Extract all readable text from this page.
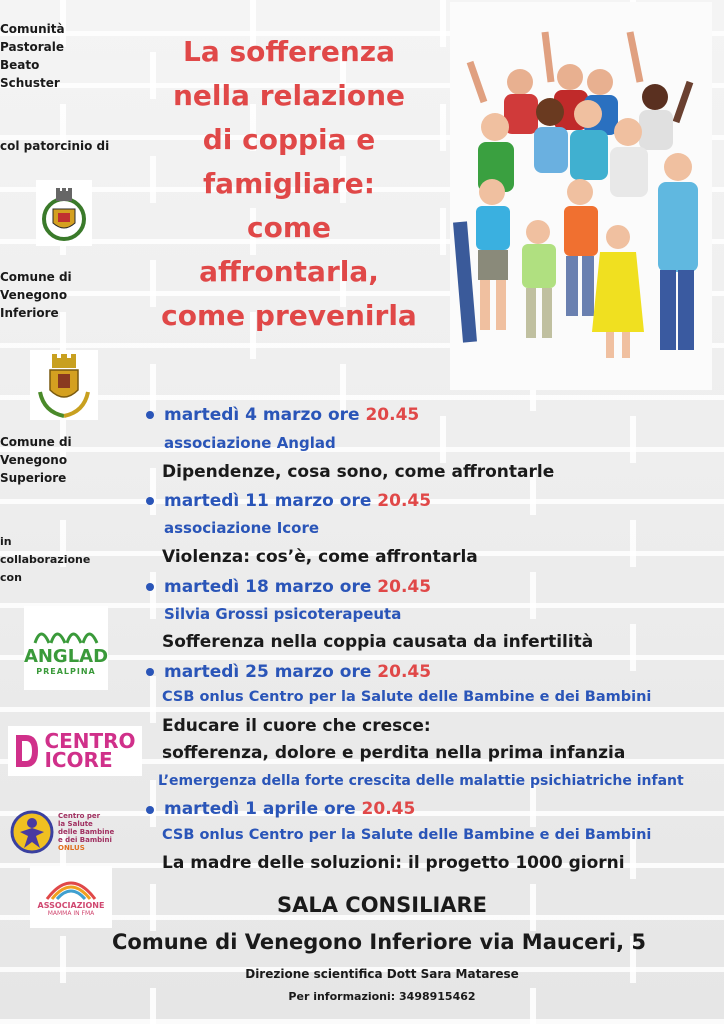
Comunità
Pastorale
Beato
Schuster
col patorcinio di
Comune di
Venegono
Inferiore
Comune di
Venegono
Superiore
in
collaborazione
con
ANGLAD
PREALPINA
CENTRO
ICORE
Centro per
la Salute
delle Bambine
e dei Bambini
ONLUS
ASSOCIAZIONE
MAMMA IN FMA
La sofferenza
nella relazione
di coppia e
famigliare:
come
affrontarla,
come prevenirla
martedì 4 marzo ore 20.45
associazione Anglad
Dipendenze, cosa sono, come affrontarle
martedì 11 marzo ore 20.45
associazione Icore
Violenza: cos’è, come affrontarla
martedì 18 marzo ore 20.45
Silvia Grossi psicoterapeuta
Sofferenza nella coppia causata da infertilità
martedì 25 marzo ore 20.45
CSB onlus Centro per la Salute delle Bambine e dei Bambini
Educare il cuore che cresce:
sofferenza, dolore e perdita nella prima infanzia
L’emergenza della forte crescita delle malattie psichiatriche infant
martedì 1 aprile ore 20.45
CSB onlus Centro per la Salute delle Bambine e dei Bambini
La madre delle soluzioni: il progetto 1000 giorni
SALA CONSILIARE
Comune di Venegono Inferiore via Mauceri, 5
Direzione scientifica Dott Sara Matarese
Per informazioni: 3498915462
